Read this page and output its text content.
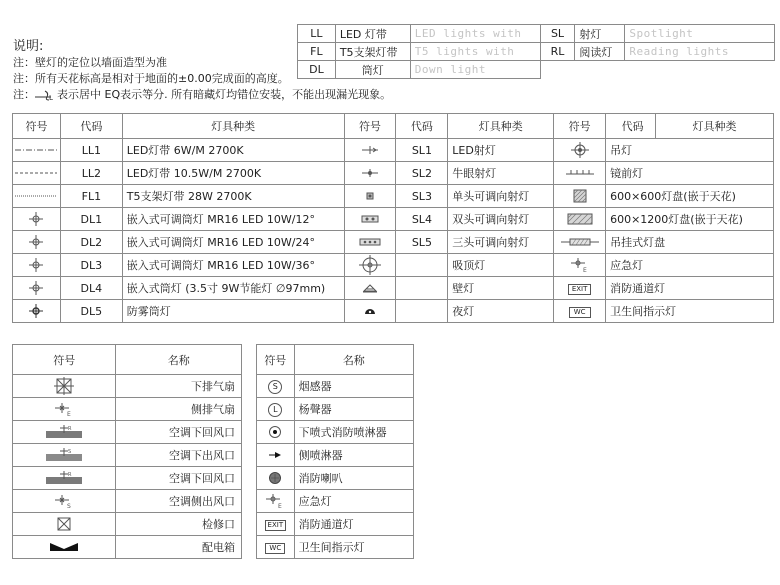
LL	LED 灯带	LED lights with	SL	射灯	Spotlight
FL	T5支架灯带	T5 lights with	RL	阅读灯	Reading lights
DL	筒灯	Down light			
说明:
注：壁灯的定位以墙面造型为准
注：所有天花标高是相对于地面的±0.00完成面的高度。
注： L 表示居中 EQ表示等分. 所有暗藏灯均错位安装，不能出现漏光现象。
符号	代码	灯具种类	符号	代码	灯具种类	符号	代码	灯具种类

	LL1	LED灯带 6W/M 2700K		SL1	LED射灯		吊灯	

	LL2	LED灯带 10.5W/M 2700K		SL2	牛眼射灯		镜前灯	

	FL1	T5支架灯带 28W 2700K		SL3	单头可调向射灯		600×600灯盘(嵌于天花)	

	DL1	嵌入式可调筒灯 MR16 LED 10W/12°		SL4	双头可调向射灯		600×1200灯盘(嵌于天花)	

	DL2	嵌入式可调筒灯 MR16 LED 10W/24°		SL5	三头可调向射灯		吊挂式灯盘	

	DL3	嵌入式可调筒灯 MR16 LED 10W/36°			吸顶灯	E	应急灯	

	DL4	嵌入式筒灯 (3.5寸 9W节能灯 ∅97mm)			壁灯	EXIT	消防通道灯	

	DL5	防雾筒灯			夜灯	WC	卫生间指示灯	
符号	名称

	下排气扇

E	侧排气扇

R	空调下回风口

S	空调下出风口

R	空调下回风口

S	空调侧出风口

	检修口

	配电箱
符号	名称
S	烟感器
L	杨聲器

	下喷式消防喷淋器

	侧喷淋器

	消防喇叭

E	应急灯
EXIT	消防通道灯
WC	卫生间指示灯
